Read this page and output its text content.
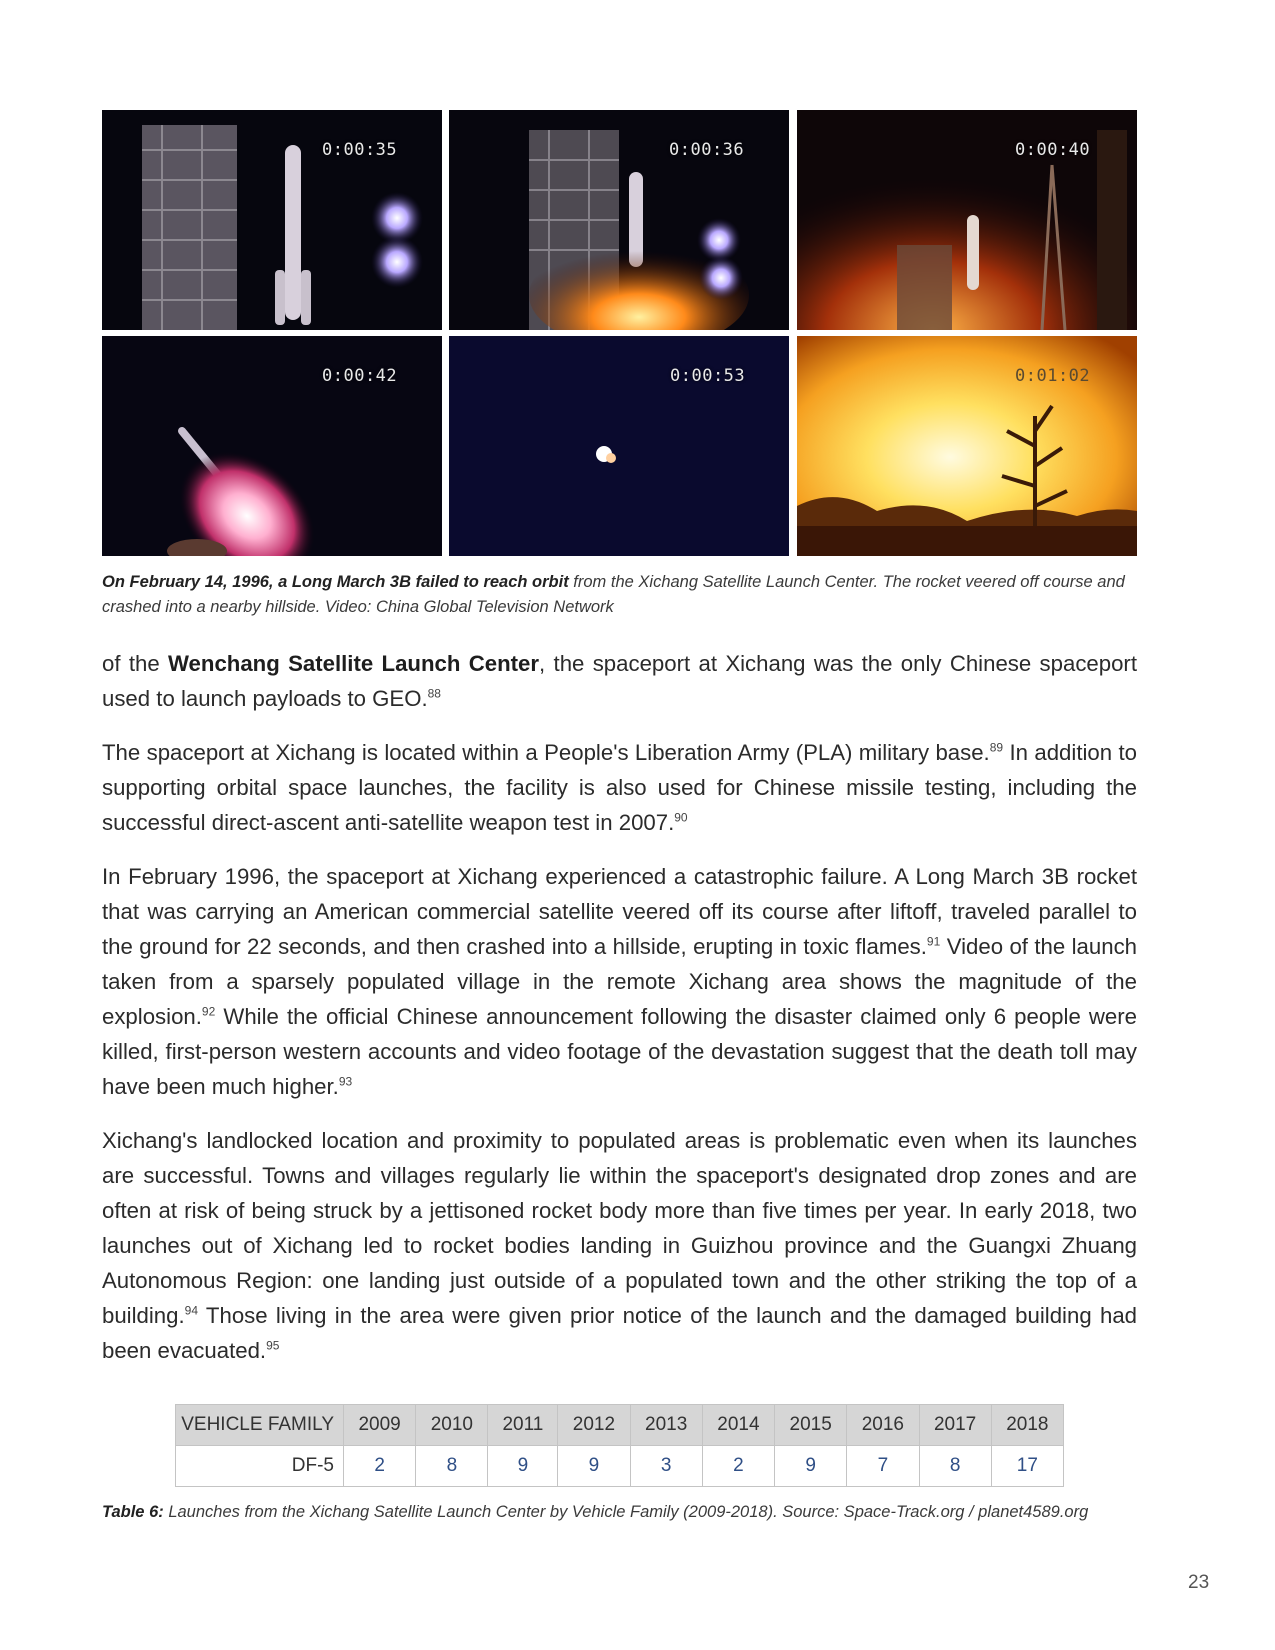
0:00:35	0:00:36	0:00:40
0:00:42	0:00:53	0:01:02
On February 14, 1996, a Long March 3B failed to reach orbit from the Xichang Satellite Launch Center. The rocket veered off course and crashed into a nearby hillside. Video: China Global Television Network

of the Wenchang Satellite Launch Center, the spaceport at Xichang was the only Chinese spaceport used to launch payloads to GEO.$^{88}$

The spaceport at Xichang is located within a People's Liberation Army (PLA) military base.$^{89}$ In addition to supporting orbital space launches, the facility is also used for Chinese missile testing, including the successful direct-ascent anti-satellite weapon test in 2007.90

In February 1996, the spaceport at Xichang experienced a catastrophic failure. A Long March 3B rocket that was carrying an American commercial satellite veered off its course after liftoff, traveled parallel to the ground for 22 seconds, and then crashed into a hillside, erupting in toxic flames.$^{91}$ Video of the launch taken from a sparsely populated village in the remote Xichang area shows the magnitude of the explosion.$^{92}$ While the official Chinese announcement following the disaster claimed only 6 people were killed, first-person western accounts and video footage of the devastation suggest that the death toll may have been much higher.$^{93}$

Xichang's landlocked location and proximity to populated areas is problematic even when its launches are successful. Towns and villages regularly lie within the spaceport's designated drop zones and are often at risk of being struck by a jettisoned rocket body more than five times per year. In early 2018, two launches out of Xichang led to rocket bodies landing in Guizhou province and the Guangxi Zhuang Autonomous Region: one landing just outside of a populated town and the other striking the top of a building.$^{94}$ Those living in the area were given prior notice of the launch and the damaged building had been evacuated.$^{95}$

VEHICLE FAMILY	2009	2010	2011	2012	2013	2014	2015	2016	2017	2018
DF-5	2	8	9	9	3	2	9	7	8	17
Table 6: Launches from the Xichang Satellite Launch Center by Vehicle Family (2009-2018). Source: Space-Track.org / planet4589.org
23
